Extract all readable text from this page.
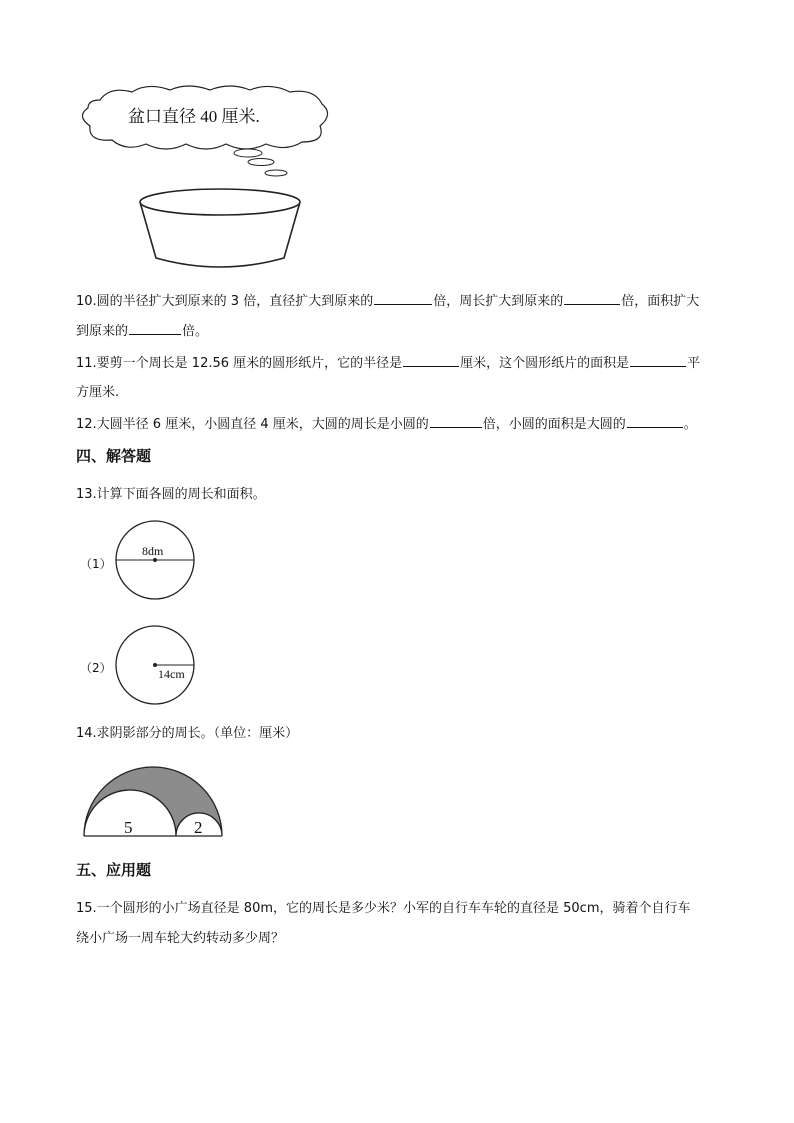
盆口直径 40 厘米.
10.圆的半径扩大到原来的 3 倍，直径扩大到原来的	倍，周长扩大到原来的	倍，面积扩大
到原来的	倍。
11.要剪一个周长是 12.56 厘米的圆形纸片，它的半径是	厘米，这个圆形纸片的面积是	平
方厘米.
12.大圆半径 6 厘米，小圆直径 4 厘米，大圆的周长是小圆的	倍，小圆的面积是大圆的	。
四、解答题
13.计算下面各圆的周长和面积。
（1）
8dm
（2）	14cm
14.求阴影部分的周长。（单位：厘米）
5	2
五、应用题
15.一个圆形的小广场直径是 80m，它的周长是多少米？小军的自行车车轮的直径是 50cm，骑着个自行车
绕小广场一周车轮大约转动多少周？
